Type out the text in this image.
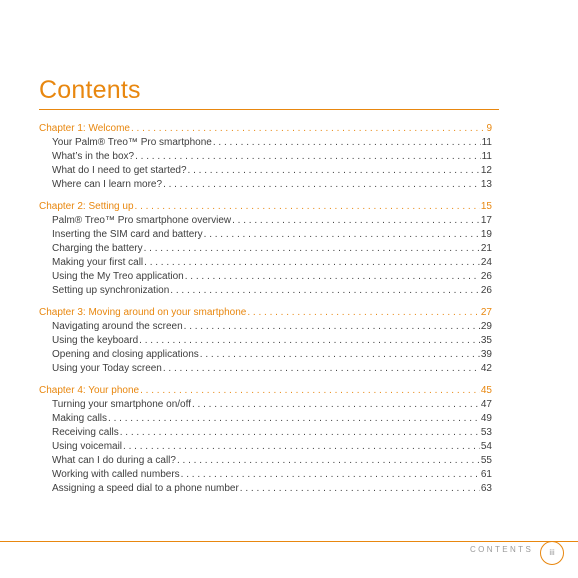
Contents
Chapter 1: Welcome . . .	9
Your Palm® Treo™ Pro smartphone . . .	11
What’s in the box? . . .	11
What do I need to get started? . . .	12
Where can I learn more? . . .	13
Chapter 2: Setting up . . .	15
Palm® Treo™ Pro smartphone overview . . .	17
Inserting the SIM card and battery . . .	19
Charging the battery . . .	21
Making your first call . . .	24
Using the My Treo application . . .	26
Setting up synchronization . . .	26
Chapter 3: Moving around on your smartphone . . .	27
Navigating around the screen . . .	29
Using the keyboard . . .	35
Opening and closing applications . . .	39
Using your Today screen . . .	42
Chapter 4: Your phone . . .	45
Turning your smartphone on/off . . .	47
Making calls . . .	49
Receiving calls . . .	53
Using voicemail . . .	54
What can I do during a call? . . .	55
Working with called numbers . . .	61
Assigning a speed dial to a phone number . . .	63
CONTENTS	iii
